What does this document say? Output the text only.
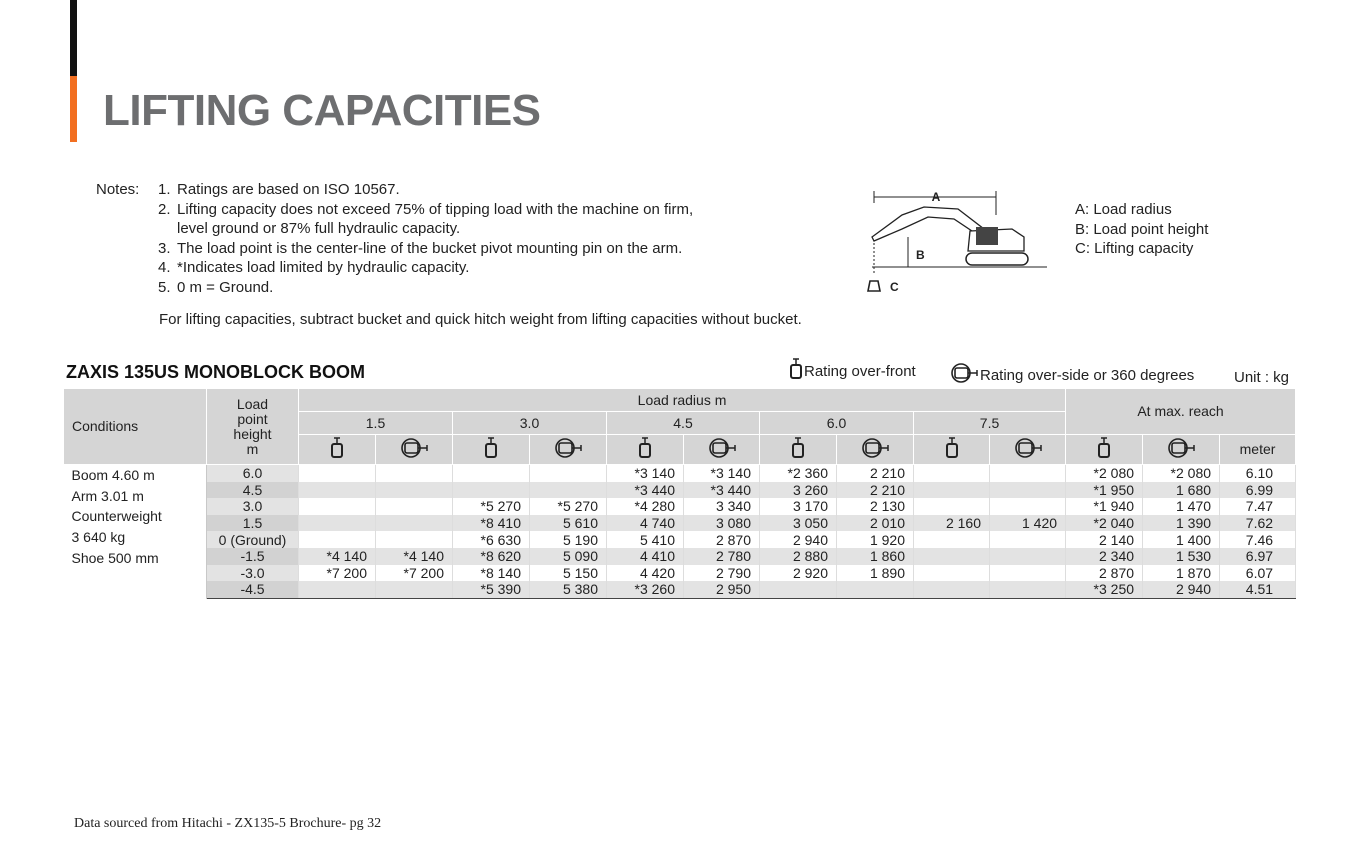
LIFTING CAPACITIES
Notes: 1. Ratings are based on ISO 10567.
2. Lifting capacity does not exceed 75% of tipping load with the machine on firm,
level ground or 87% full hydraulic capacity.
3. The load point is the center-line of the bucket pivot mounting pin on the arm.
4. *Indicates load limited by hydraulic capacity.
5. 0 m = Ground.
For lifting capacities, subtract bucket and quick hitch weight from lifting capacities without bucket.
A
B
C
A: Load radius
B: Load point height
C: Lifting capacity
ZAXIS 135US MONOBLOCK BOOM	Rating over-front	Rating over-side or 360 degrees	Unit : kg
Conditions	Load point height m	Load radius m										At max. reach		
		1.5		3.0		4.5		6.0		7.5				
												meter

Boom 4.60 m
Arm 3.01 m
Counterweight
3 640 kg
Shoe 500 mm	6.0					*3 140	*3 140	*2 360	2 210			*2 080	*2 080	6.10
	4.5					*3 440	*3 440	3 260	2 210			*1 950	1 680	6.99
	3.0			*5 270	*5 270	*4 280	3 340	3 170	2 130			*1 940	1 470	7.47
	1.5			*8 410	5 610	4 740	3 080	3 050	2 010	2 160	1 420	*2 040	1 390	7.62
	0 (Ground)			*6 630	5 190	5 410	2 870	2 940	1 920			2 140	1 400	7.46
	-1.5	*4 140	*4 140	*8 620	5 090	4 410	2 780	2 880	1 860			2 340	1 530	6.97
	-3.0	*7 200	*7 200	*8 140	5 150	4 420	2 790	2 920	1 890			2 870	1 870	6.07
	-4.5			*5 390	5 380	*3 260	2 950					*3 250	2 940	4.51
Data sourced from Hitachi - ZX135-5 Brochure- pg 32
